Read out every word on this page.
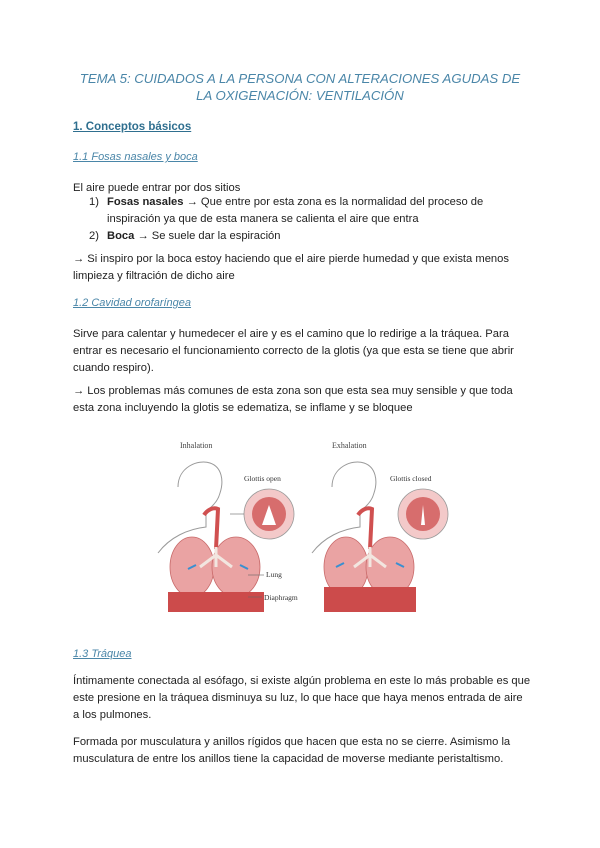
TEMA 5: CUIDADOS A LA PERSONA CON ALTERACIONES AGUDAS DE
LA OXIGENACIÓN: VENTILACIÓN
1. Conceptos básicos
1.1 Fosas nasales y boca
El aire puede entrar por dos sitios
1) Fosas nasales → Que entre por esta zona es la normalidad del proceso de
inspiración ya que de esta manera se calienta el aire que entra
2) Boca → Se suele dar la espiración
→ Si inspiro por la boca estoy haciendo que el aire pierde humedad y que exista menos
limpieza y filtración de dicho aire
1.2 Cavidad orofaríngea
Sirve para calentar y humedecer el aire y es el camino que lo redirige a la tráquea. Para
entrar es necesario el funcionamiento correcto de la glotis (ya que esta se tiene que abrir
cuando respiro).
→ Los problemas más comunes de esta zona son que esta sea muy sensible y que toda
esta zona incluyendo la glotis se edematiza, se inflame y se bloquee
Inhalation
Glottis open
Lung
Diaphragm
Exhalation
Glottis closed
1.3 Tráquea
Íntimamente conectada al esófago, si existe algún problema en este lo más probable es que
este presione en la tráquea disminuya su luz, lo que hace que haya menos entrada de aire
a los pulmones.
Formada por musculatura y anillos rígidos que hacen que esta no se cierre. Asimismo la
musculatura de entre los anillos tiene la capacidad de moverse mediante peristaltismo.
